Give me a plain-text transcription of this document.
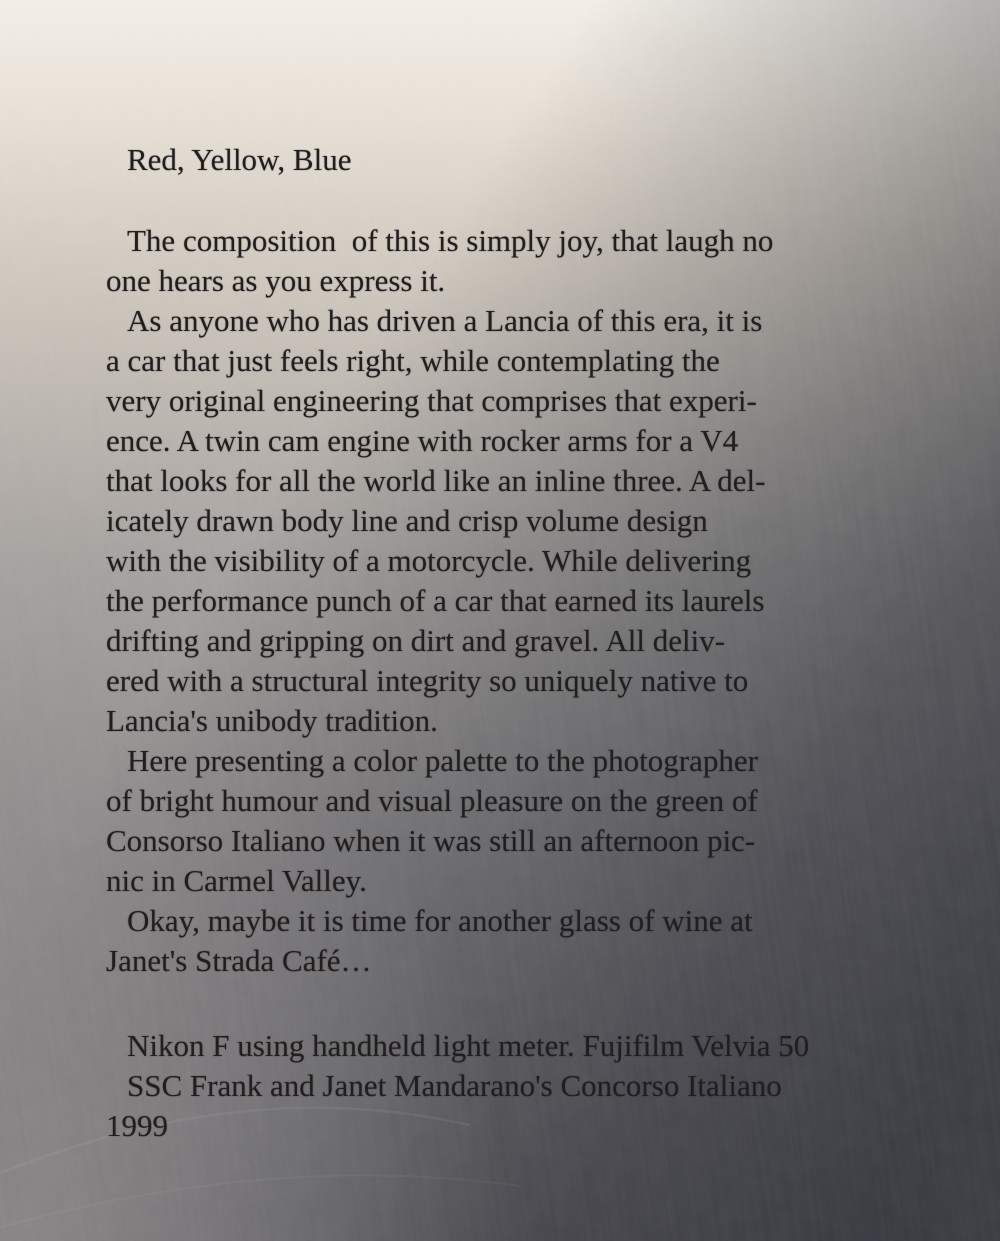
Red, Yellow, Blue
The composition  of this is simply joy, that laugh no
one hears as you express it.
As anyone who has driven a Lancia of this era, it is
a car that just feels right, while contemplating the
very original engineering that comprises that experi-
ence. A twin cam engine with rocker arms for a V4
that looks for all the world like an inline three. A del-
icately drawn body line and crisp volume design
with the visibility of a motorcycle. While delivering
the performance punch of a car that earned its laurels
drifting and gripping on dirt and gravel. All deliv-
ered with a structural integrity so uniquely native to
Lancia's unibody tradition.
Here presenting a color palette to the photographer
of bright humour and visual pleasure on the green of
Consorso Italiano when it was still an afternoon pic-
nic in Carmel Valley.
Okay, maybe it is time for another glass of wine at
Janet's Strada Café…
Nikon F using handheld light meter. Fujifilm Velvia 50
SSC Frank and Janet Mandarano's Concorso Italiano
1999
